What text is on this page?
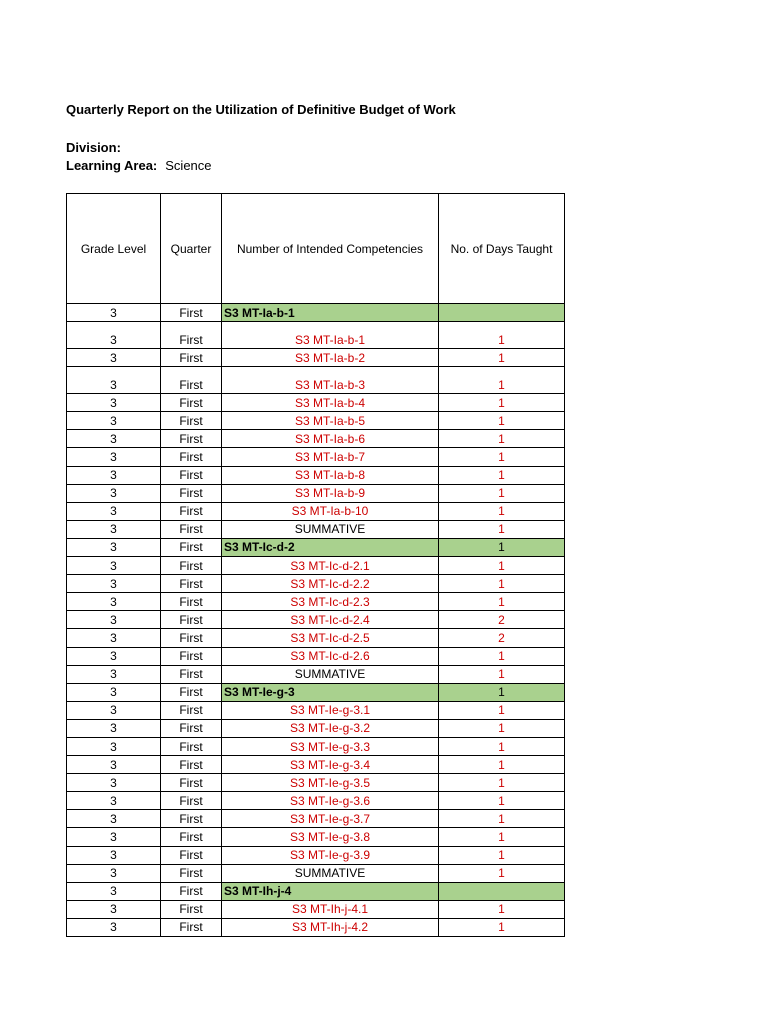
Quarterly Report on the Utilization of Definitive Budget of Work
Division:
Learning Area: Science
Grade Level	Quarter	Number of Intended Competencies	No. of Days Taught
3	First	S3 MT-Ia-b-1	
3	First	S3 MT-Ia-b-1	1
3	First	S3 MT-Ia-b-2	1
3	First	S3 MT-Ia-b-3	1
3	First	S3 MT-Ia-b-4	1
3	First	S3 MT-Ia-b-5	1
3	First	S3 MT-Ia-b-6	1
3	First	S3 MT-Ia-b-7	1
3	First	S3 MT-Ia-b-8	1
3	First	S3 MT-Ia-b-9	1
3	First	S3 MT-Ia-b-10	1
3	First	SUMMATIVE	1
3	First	S3 MT-Ic-d-2	1
3	First	S3 MT-Ic-d-2.1	1
3	First	S3 MT-Ic-d-2.2	1
3	First	S3 MT-Ic-d-2.3	1
3	First	S3 MT-Ic-d-2.4	2
3	First	S3 MT-Ic-d-2.5	2
3	First	S3 MT-Ic-d-2.6	1
3	First	SUMMATIVE	1
3	First	S3 MT-Ie-g-3	1
3	First	S3 MT-Ie-g-3.1	1
3	First	S3 MT-Ie-g-3.2	1
3	First	S3 MT-Ie-g-3.3	1
3	First	S3 MT-Ie-g-3.4	1
3	First	S3 MT-Ie-g-3.5	1
3	First	S3 MT-Ie-g-3.6	1
3	First	S3 MT-Ie-g-3.7	1
3	First	S3 MT-Ie-g-3.8	1
3	First	S3 MT-Ie-g-3.9	1
3	First	SUMMATIVE	1
3	First	S3 MT-Ih-j-4	
3	First	S3 MT-Ih-j-4.1	1
3	First	S3 MT-Ih-j-4.2	1
